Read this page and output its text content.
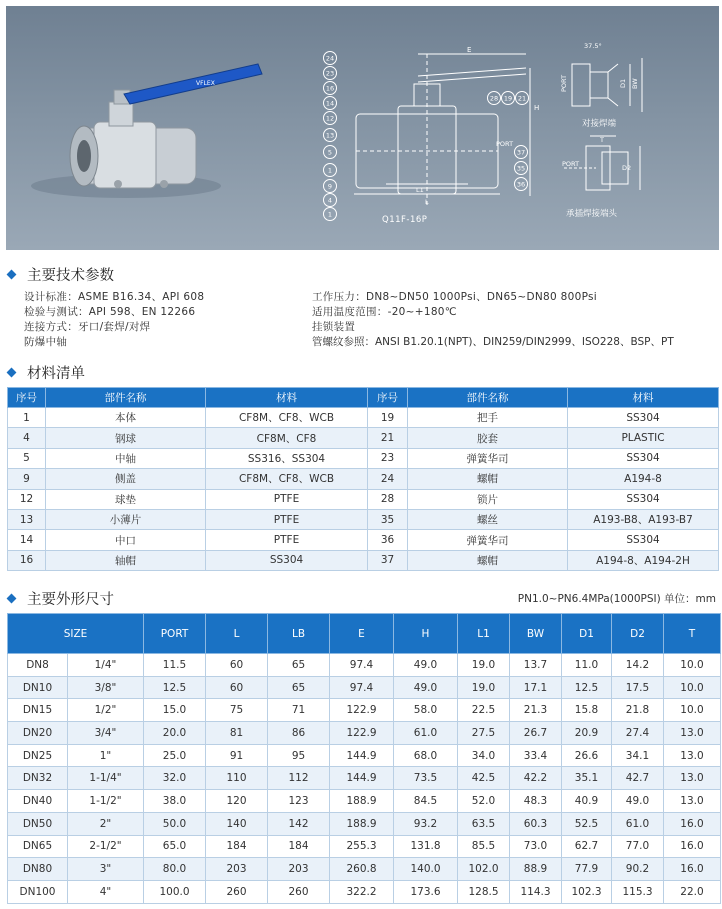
VFLEX
24
23
16
14
12
13
5
1
9
4
1
28 19 21
37
35
36
E
H
PORT
L1
L
Q11F-16P
37.5°
PORT	D1 BW
对接焊端
T
PORT	D2
承插焊接端头
主要技术参数
设计标准：ASME B16.34、API 608
检验与测试：API 598、EN 12266
连接方式：牙口/套焊/对焊
防爆中轴
工作压力：DN8~DN50 1000Psi、DN65~DN80 800Psi
适用温度范围：-20~+180℃
挂锁装置
管螺纹参照：ANSI B1.20.1(NPT)、DIN259/DIN2999、ISO228、BSP、PT
材料清单
序号	部件名称	材料	序号	部件名称	材料
1	本体	CF8M、CF8、WCB	19	把手	SS304
4	钢球	CF8M、CF8	21	胶套	PLASTIC
5	中轴	SS316、SS304	23	弹簧华司	SS304
9	侧盖	CF8M、CF8、WCB	24	螺帽	A194-8
12	球垫	PTFE	28	锁片	SS304
13	小薄片	PTFE	35	螺丝	A193-B8、A193-B7
14	中口	PTFE	36	弹簧华司	SS304
16	轴帽	SS304	37	螺帽	A194-8、A194-2H
主要外形尺寸	PN1.0~PN6.4MPa(1000PSI) 单位：mm
SIZE		PORT	L	LB	E	H	L1	BW	D1	D2	T
DN8	1/4"	11.5	60	65	97.4	49.0	19.0	13.7	11.0	14.2	10.0
DN10	3/8"	12.5	60	65	97.4	49.0	19.0	17.1	12.5	17.5	10.0
DN15	1/2"	15.0	75	71	122.9	58.0	22.5	21.3	15.8	21.8	10.0
DN20	3/4"	20.0	81	86	122.9	61.0	27.5	26.7	20.9	27.4	13.0
DN25	1"	25.0	91	95	144.9	68.0	34.0	33.4	26.6	34.1	13.0
DN32	1-1/4"	32.0	110	112	144.9	73.5	42.5	42.2	35.1	42.7	13.0
DN40	1-1/2"	38.0	120	123	188.9	84.5	52.0	48.3	40.9	49.0	13.0
DN50	2"	50.0	140	142	188.9	93.2	63.5	60.3	52.5	61.0	16.0
DN65	2-1/2"	65.0	184	184	255.3	131.8	85.5	73.0	62.7	77.0	16.0
DN80	3"	80.0	203	203	260.8	140.0	102.0	88.9	77.9	90.2	16.0
DN100	4"	100.0	260	260	322.2	173.6	128.5	114.3	102.3	115.3	22.0
